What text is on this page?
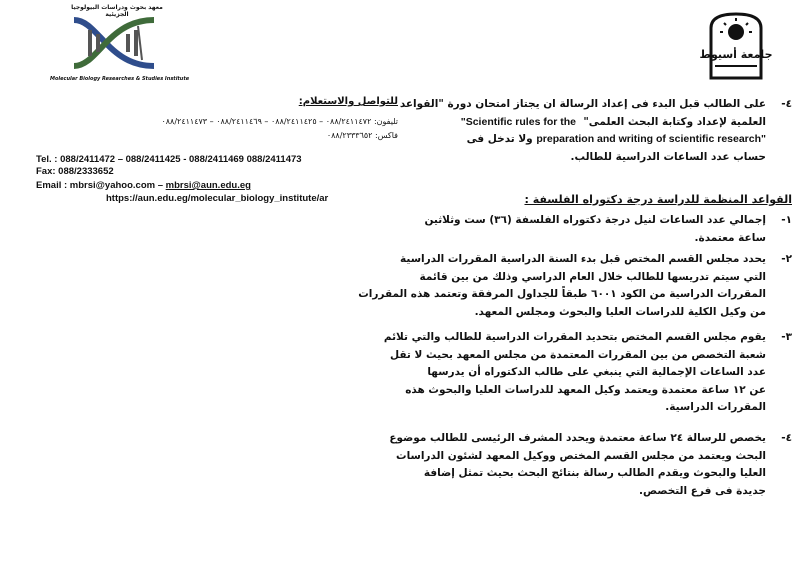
معهد بحوث ودراسات البيولوجيا الجزيئية
Molecular Biology Researches & Studies Institute
جامعة أسيوط
للتواصل والاستعلام:
تليفون: ٠٨٨/٢٤١١٤٧٢ – ٠٨٨/٢٤١١٤٢٥ – ٠٨٨/٢٤١١٤٦٩ – ٠٨٨/٢٤١١٤٧٣
فاكس: ٠٨٨/٢٣٣٣٦٥٢
Tel. : 088/2411472 – 088/2411425 - 088/2411469 088/2411473
Fax: 088/2333652
Email : mbrsi@yahoo.com – mbrsi@aun.edu.eg
https://aun.edu.eg/molecular_biology_institute/ar
٤-
على الطالب قبل البدء فى إعداد الرسالة ان يجتاز امتحان دورة "القواعد
العلمية لإعداد وكتابة البحث العلمى"  "Scientific rules for the
preparation and writing of scientific research" ولا تدخل فى
حساب عدد الساعات الدراسية للطالب.
القواعد المنظمة للدراسة درجة دكتوراه الفلسفة :
١-
إجمالي عدد الساعات لنيل درجة دكتوراه الفلسفة (٣٦) ست وثلاثين
ساعة معتمدة.
٢-
يحدد مجلس القسم المختص قبل بدء السنة الدراسية المقررات الدراسية
التي سيتم تدريسها للطالب خلال العام الدراسي وذلك من بين قائمة
المقررات الدراسية من الكود ٦٠٠١ طبقاً للجداول المرفقة وتعتمد هذه المقررات
من وكيل الكلية للدراسات العليا والبحوث ومجلس المعهد.
٣-
يقوم مجلس القسم المختص بتحديد المقررات الدراسية للطالب والتي تلائم
شعبة التخصص من بين المقررات المعتمدة من مجلس المعهد بحيث لا تقل
عدد الساعات الإجمالية التي ينبغي على طالب الدكتوراه أن يدرسها
عن ١٢ ساعة معتمدة ويعتمد وكيل المعهد للدراسات العليا والبحوث هذه
المقررات الدراسية.
٤-
يخصص للرسالة ٢٤ ساعة معتمدة ويحدد المشرف الرئيسى للطالب موضوع
البحث ويعتمد من مجلس القسم المختص ووكيل المعهد لشئون الدراسات
العليا والبحوث ويقدم الطالب رسالة بنتائج البحث بحيث تمثل إضافة
جديدة فى فرع التخصص.
